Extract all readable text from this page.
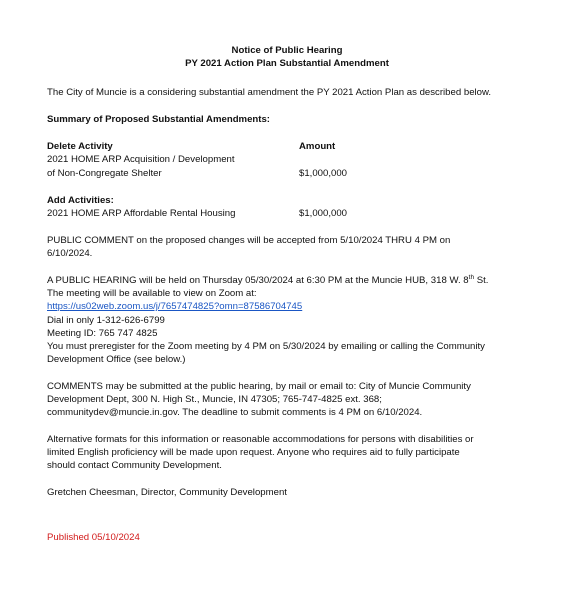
Notice of Public Hearing
PY 2021 Action Plan Substantial Amendment
The City of Muncie is a considering substantial amendment the PY 2021 Action Plan as described below.
Summary of Proposed Substantial Amendments:
Delete Activity	Amount
2021 HOME ARP Acquisition / Development
of Non-Congregate Shelter	$1,000,000
Add Activities:
2021 HOME ARP Affordable Rental Housing	$1,000,000
PUBLIC COMMENT on the proposed changes will be accepted from 5/10/2024 THRU 4 PM on
6/10/2024.
A PUBLIC HEARING will be held on Thursday 05/30/2024 at 6:30 PM at the Muncie HUB, 318 W. 8th St.
The meeting will be available to view on Zoom at:
https://us02web.zoom.us/j/7657474825?omn=87586704745
Dial in only 1-312-626-6799
Meeting ID: 765 747 4825
You must preregister for the Zoom meeting by 4 PM on 5/30/2024 by emailing or calling the Community
Development Office (see below.)
COMMENTS may be submitted at the public hearing, by mail or email to: City of Muncie Community
Development Dept, 300 N. High St., Muncie, IN 47305; 765-747-4825 ext. 368;
communitydev@muncie.in.gov. The deadline to submit comments is 4 PM on 6/10/2024.
Alternative formats for this information or reasonable accommodations for persons with disabilities or
limited English proficiency will be made upon request. Anyone who requires aid to fully participate
should contact Community Development.
Gretchen Cheesman, Director, Community Development
Published 05/10/2024
